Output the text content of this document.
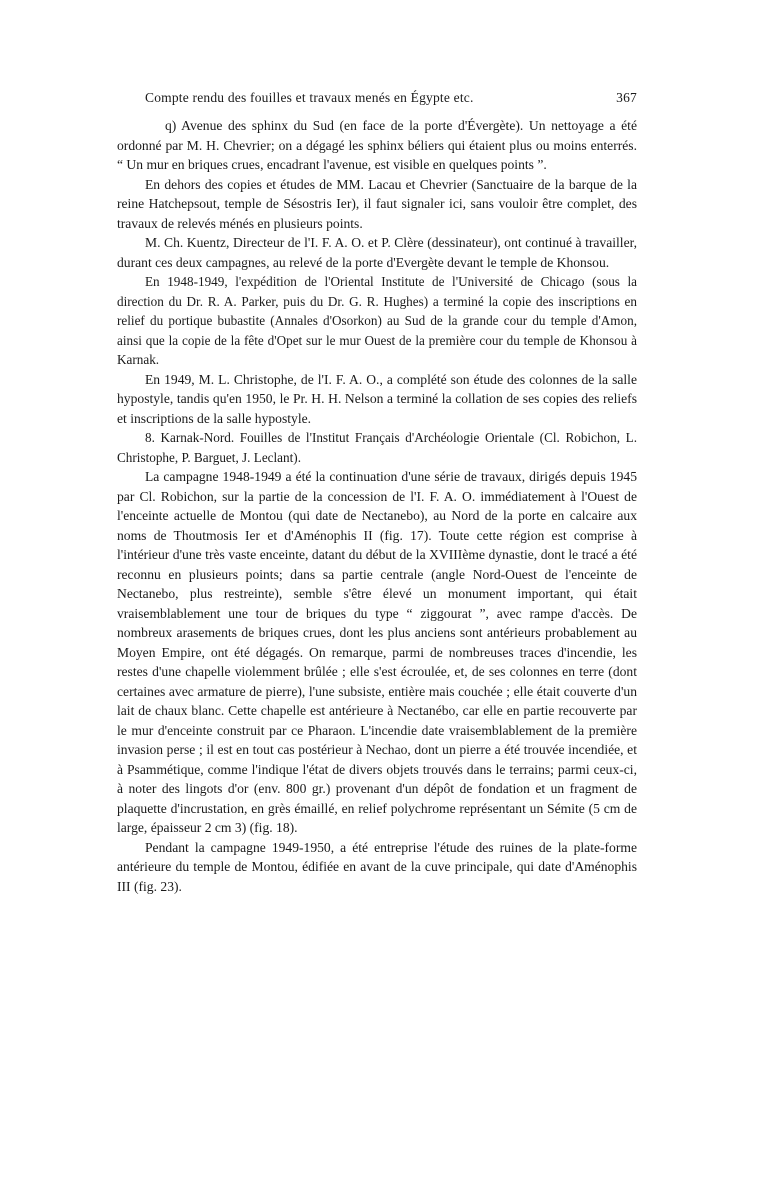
Compte rendu des fouilles et travaux menés en Égypte etc.	367

q) Avenue des sphinx du Sud (en face de la porte d'Évergète). Un nettoyage a été ordonné par M. H. Chevrier; on a dégagé les sphinx béliers qui étaient plus ou moins enterrés. “ Un mur en briques crues, encadrant l'avenue, est visible en quelques points ”.

En dehors des copies et études de MM. Lacau et Chevrier (Sanctuaire de la barque de la reine Hatchepsout, temple de Sésostris Ier), il faut signaler ici, sans vouloir être complet, des travaux de relevés ménés en plusieurs points.

M. Ch. Kuentz, Directeur de l'I. F. A. O. et P. Clère (dessinateur), ont continué à travailler, durant ces deux campagnes, au relevé de la porte d'Evergète devant le temple de Khonsou.

En 1948-1949, l'expédition de l'Oriental Institute de l'Université de Chicago (sous la direction du Dr. R. A. Parker, puis du Dr. G. R. Hughes) a terminé la copie des inscriptions en relief du portique bubastite (Annales d'Osorkon) au Sud de la grande cour du temple d'Amon, ainsi que la copie de la fête d'Opet sur le mur Ouest de la première cour du temple de Khonsou à Karnak.

En 1949, M. L. Christophe, de l'I. F. A. O., a complété son étude des colonnes de la salle hypostyle, tandis qu'en 1950, le Pr. H. H. Nelson a terminé la collation de ses copies des reliefs et inscriptions de la salle hypostyle.

8. Karnak-Nord. Fouilles de l'Institut Français d'Archéologie Orientale (Cl. Robichon, L. Christophe, P. Barguet, J. Leclant).

La campagne 1948-1949 a été la continuation d'une série de travaux, dirigés depuis 1945 par Cl. Robichon, sur la partie de la concession de l'I. F. A. O. immédiatement à l'Ouest de l'enceinte actuelle de Montou (qui date de Nectanebo), au Nord de la porte en calcaire aux noms de Thoutmosis Ier et d'Aménophis II (fig. 17). Toute cette région est comprise à l'intérieur d'une très vaste enceinte, datant du début de la XVIIIème dynastie, dont le tracé a été reconnu en plusieurs points; dans sa partie centrale (angle Nord-Ouest de l'enceinte de Nectanebo, plus restreinte), semble s'être élevé un monument important, qui était vraisemblablement une tour de briques du type “ ziggourat ”, avec rampe d'accès. De nombreux arasements de briques crues, dont les plus anciens sont antérieurs probablement au Moyen Empire, ont été dégagés. On remarque, parmi de nombreuses traces d'incendie, les restes d'une chapelle violemment brûlée ; elle s'est écroulée, et, de ses colonnes en terre (dont certaines avec armature de pierre), l'une subsiste, entière mais couchée ; elle était couverte d'un lait de chaux blanc. Cette chapelle est antérieure à Nectanébo, car elle en partie recouverte par le mur d'enceinte construit par ce Pharaon. L'incendie date vraisemblablement de la première invasion perse ; il est en tout cas postérieur à Nechao, dont un pierre a été trouvée incendiée, et à Psammétique, comme l'indique l'état de divers objets trouvés dans le terrains; parmi ceux-ci, à noter des lingots d'or (env. 800 gr.) provenant d'un dépôt de fondation et un fragment de plaquette d'incrustation, en grès émaillé, en relief polychrome représentant un Sémite (5 cm de large, épaisseur 2 cm 3) (fig. 18).

Pendant la campagne 1949-1950, a été entreprise l'étude des ruines de la plate-forme antérieure du temple de Montou, édifiée en avant de la cuve principale, qui date d'Aménophis III (fig. 23).
